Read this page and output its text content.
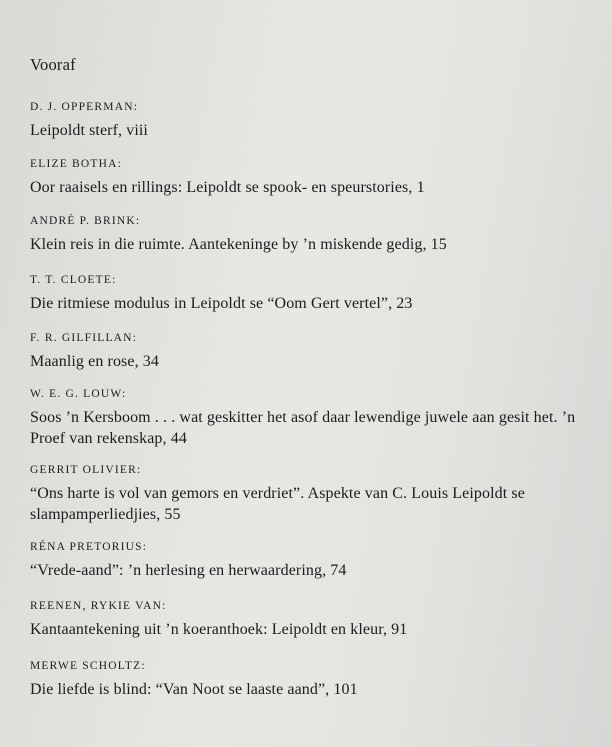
Vooraf
D. J. OPPERMAN:
Leipoldt sterf, viii
ELIZE BOTHA:
Oor raaisels en rillings: Leipoldt se spook- en speurstories, 1
ANDRÉ P. BRINK:
Klein reis in die ruimte. Aantekeninge by ’n miskende gedig, 15
T. T. CLOETE:
Die ritmiese modulus in Leipoldt se “Oom Gert vertel”, 23
F. R. GILFILLAN:
Maanlig en rose, 34
W. E. G. LOUW:
Soos ’n Kersboom . . . wat geskitter het asof daar lewendige juwele aan gesit het. ’n Proef van rekenskap, 44
GERRIT OLIVIER:
“Ons harte is vol van gemors en verdriet”. Aspekte van C. Louis Leipoldt se slampamperliedjies, 55
RÉNA PRETORIUS:
“Vrede-aand”: ’n herlesing en herwaardering, 74
REENEN, RYKIE VAN:
Kantaantekening uit ’n koeranthoek: Leipoldt en kleur, 91
MERWE SCHOLTZ:
Die liefde is blind: “Van Noot se laaste aand”, 101
